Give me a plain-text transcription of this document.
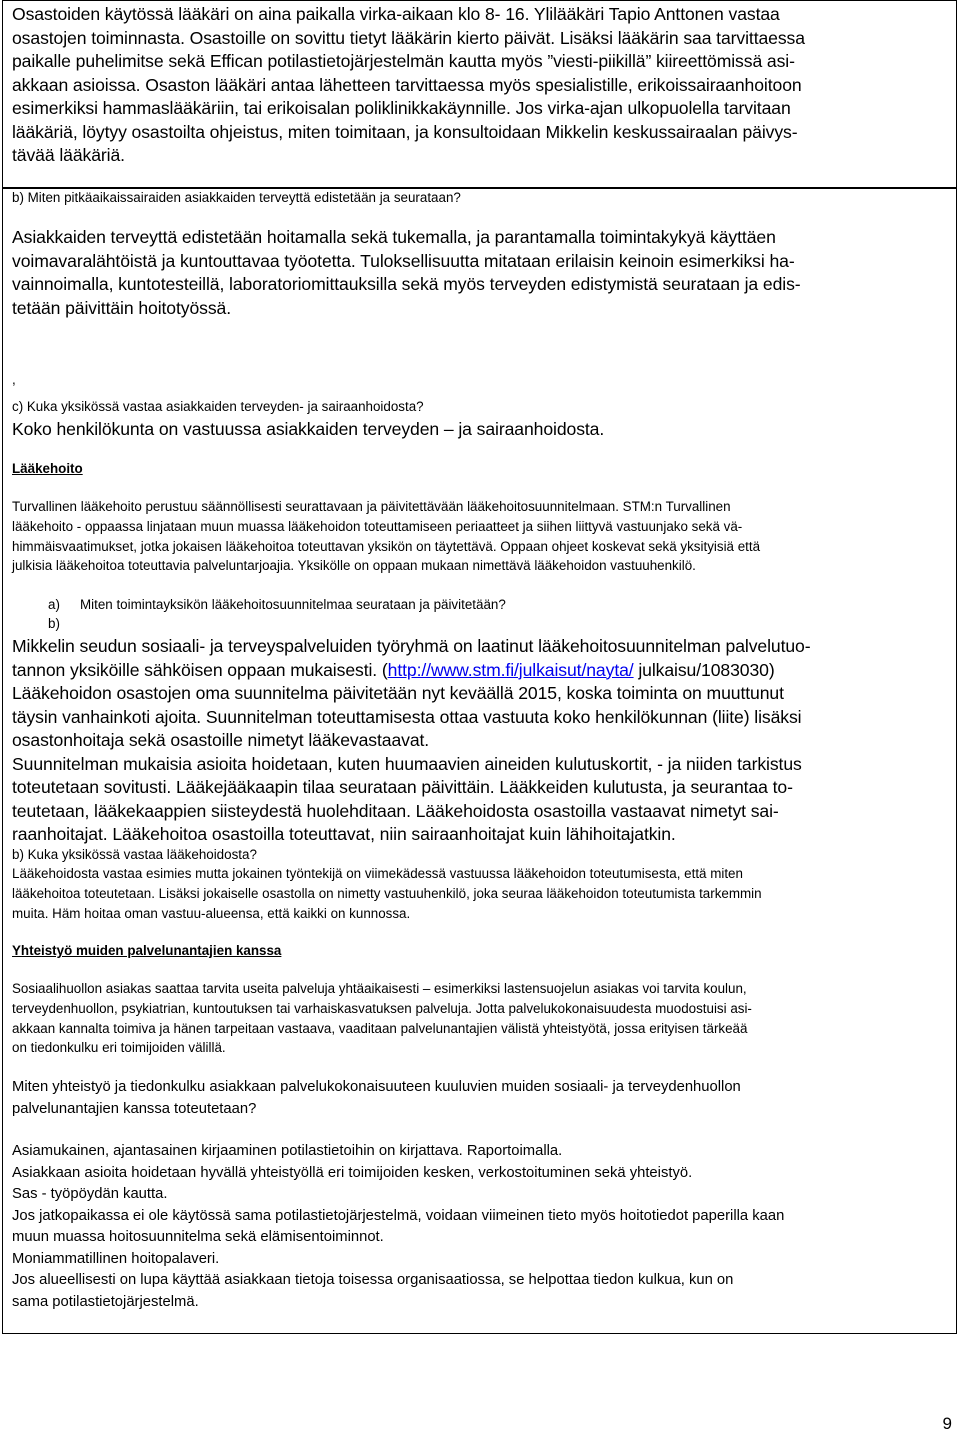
Osastoiden käytössä lääkäri on aina paikalla virka-aikaan klo 8- 16. Ylilääkäri Tapio Anttonen vastaa
osastojen toiminnasta. Osastoille on sovittu tietyt lääkärin kierto päivät. Lisäksi lääkärin saa tarvittaessa
paikalle puhelimitse sekä Effican potilastietojärjestelmän kautta myös ”viesti-piikillä” kiireettömissä asi-
akkaan asioissa. Osaston lääkäri antaa lähetteen tarvittaessa myös spesialistille, erikoissairaanhoitoon
esimerkiksi hammaslääkäriin, tai erikoisalan poliklinikkakäynnille. Jos virka-ajan ulkopuolella tarvitaan
lääkäriä, löytyy osastoilta ohjeistus, miten toimitaan, ja konsultoidaan Mikkelin keskussairaalan päivys-
tävää lääkäriä.
b) Miten pitkäaikaissairaiden asiakkaiden terveyttä edistetään ja seurataan?
Asiakkaiden terveyttä edistetään hoitamalla sekä tukemalla, ja parantamalla toimintakykyä käyttäen
voimavaralähtöistä ja kuntouttavaa työotetta. Tuloksellisuutta mitataan erilaisin keinoin esimerkiksi ha-
vainnoimalla, kuntotesteillä, laboratoriomittauksilla sekä myös terveyden edistymistä seurataan ja edis-
tetään päivittäin hoitotyössä.
,
c) Kuka yksikössä vastaa asiakkaiden terveyden- ja sairaanhoidosta?
Koko henkilökunta on vastuussa asiakkaiden terveyden – ja sairaanhoidosta.
Lääkehoito
Turvallinen lääkehoito perustuu säännöllisesti seurattavaan ja päivitettävään lääkehoitosuunnitelmaan. STM:n Turvallinen
lääkehoito - oppaassa linjataan muun muassa lääkehoidon toteuttamiseen periaatteet ja siihen liittyvä vastuunjako sekä vä-
himmäisvaatimukset, jotka jokaisen lääkehoitoa toteuttavan yksikön on täytettävä. Oppaan ohjeet koskevat sekä yksityisiä että
julkisia lääkehoitoa toteuttavia palveluntarjoajia. Yksikölle on oppaan mukaan nimettävä lääkehoidon vastuuhenkilö.
a) Miten toimintayksikön lääkehoitosuunnitelmaa seurataan ja päivitetään?
b)
Mikkelin seudun sosiaali- ja terveyspalveluiden työryhmä on laatinut lääkehoitosuunnitelman palvelutuo-
tannon yksiköille sähköisen oppaan mukaisesti. (http://www.stm.fi/julkaisut/nayta/ julkaisu/1083030)
Lääkehoidon osastojen oma suunnitelma päivitetään nyt keväällä 2015, koska toiminta on muuttunut
täysin vanhainkoti ajoita. Suunnitelman toteuttamisesta ottaa vastuuta koko henkilökunnan (liite) lisäksi
osastonhoitaja sekä osastoille nimetyt lääkevastaavat.
Suunnitelman mukaisia asioita hoidetaan, kuten huumaavien aineiden kulutuskortit, - ja niiden tarkistus
toteutetaan sovitusti. Lääkejääkaapin tilaa seurataan päivittäin. Lääkkeiden kulutusta, ja seurantaa to-
teutetaan, lääkekaappien siisteydestä huolehditaan. Lääkehoidosta osastoilla vastaavat nimetyt sai-
raanhoitajat. Lääkehoitoa osastoilla toteuttavat, niin sairaanhoitajat kuin lähihoitajatkin.
b) Kuka yksikössä vastaa lääkehoidosta?
Lääkehoidosta vastaa esimies mutta jokainen työntekijä on viimekädessä vastuussa lääkehoidon toteutumisesta, että miten
lääkehoitoa toteutetaan. Lisäksi jokaiselle osastolla on nimetty vastuuhenkilö, joka seuraa lääkehoidon toteutumista tarkemmin
muita. Häm hoitaa oman vastuu-alueensa, että kaikki on kunnossa.
Yhteistyö muiden palvelunantajien kanssa
Sosiaalihuollon asiakas saattaa tarvita useita palveluja yhtäaikaisesti – esimerkiksi lastensuojelun asiakas voi tarvita koulun,
terveydenhuollon, psykiatrian, kuntoutuksen tai varhaiskasvatuksen palveluja. Jotta palvelukokonaisuudesta muodostuisi asi-
akkaan kannalta toimiva ja hänen tarpeitaan vastaava, vaaditaan palvelunantajien välistä yhteistyötä, jossa erityisen tärkeää
on tiedonkulku eri toimijoiden välillä.
Miten yhteistyö ja tiedonkulku asiakkaan palvelukokonaisuuteen kuuluvien muiden sosiaali- ja terveydenhuollon
palvelunantajien kanssa toteutetaan?
Asiamukainen, ajantasainen kirjaaminen potilastietoihin on kirjattava. Raportoimalla.
Asiakkaan asioita hoidetaan hyvällä yhteistyöllä eri toimijoiden kesken, verkostoituminen sekä yhteistyö.
Sas - työpöydän kautta.
Jos jatkopaikassa ei ole käytössä sama potilastietojärjestelmä, voidaan viimeinen tieto myös hoitotiedot paperilla kaan
muun muassa hoitosuunnitelma sekä elämisentoiminnot.
Moniammatillinen hoitopalaveri.
Jos alueellisesti on lupa käyttää asiakkaan tietoja toisessa organisaatiossa, se helpottaa tiedon kulkua, kun on
sama potilastietojärjestelmä.
9
